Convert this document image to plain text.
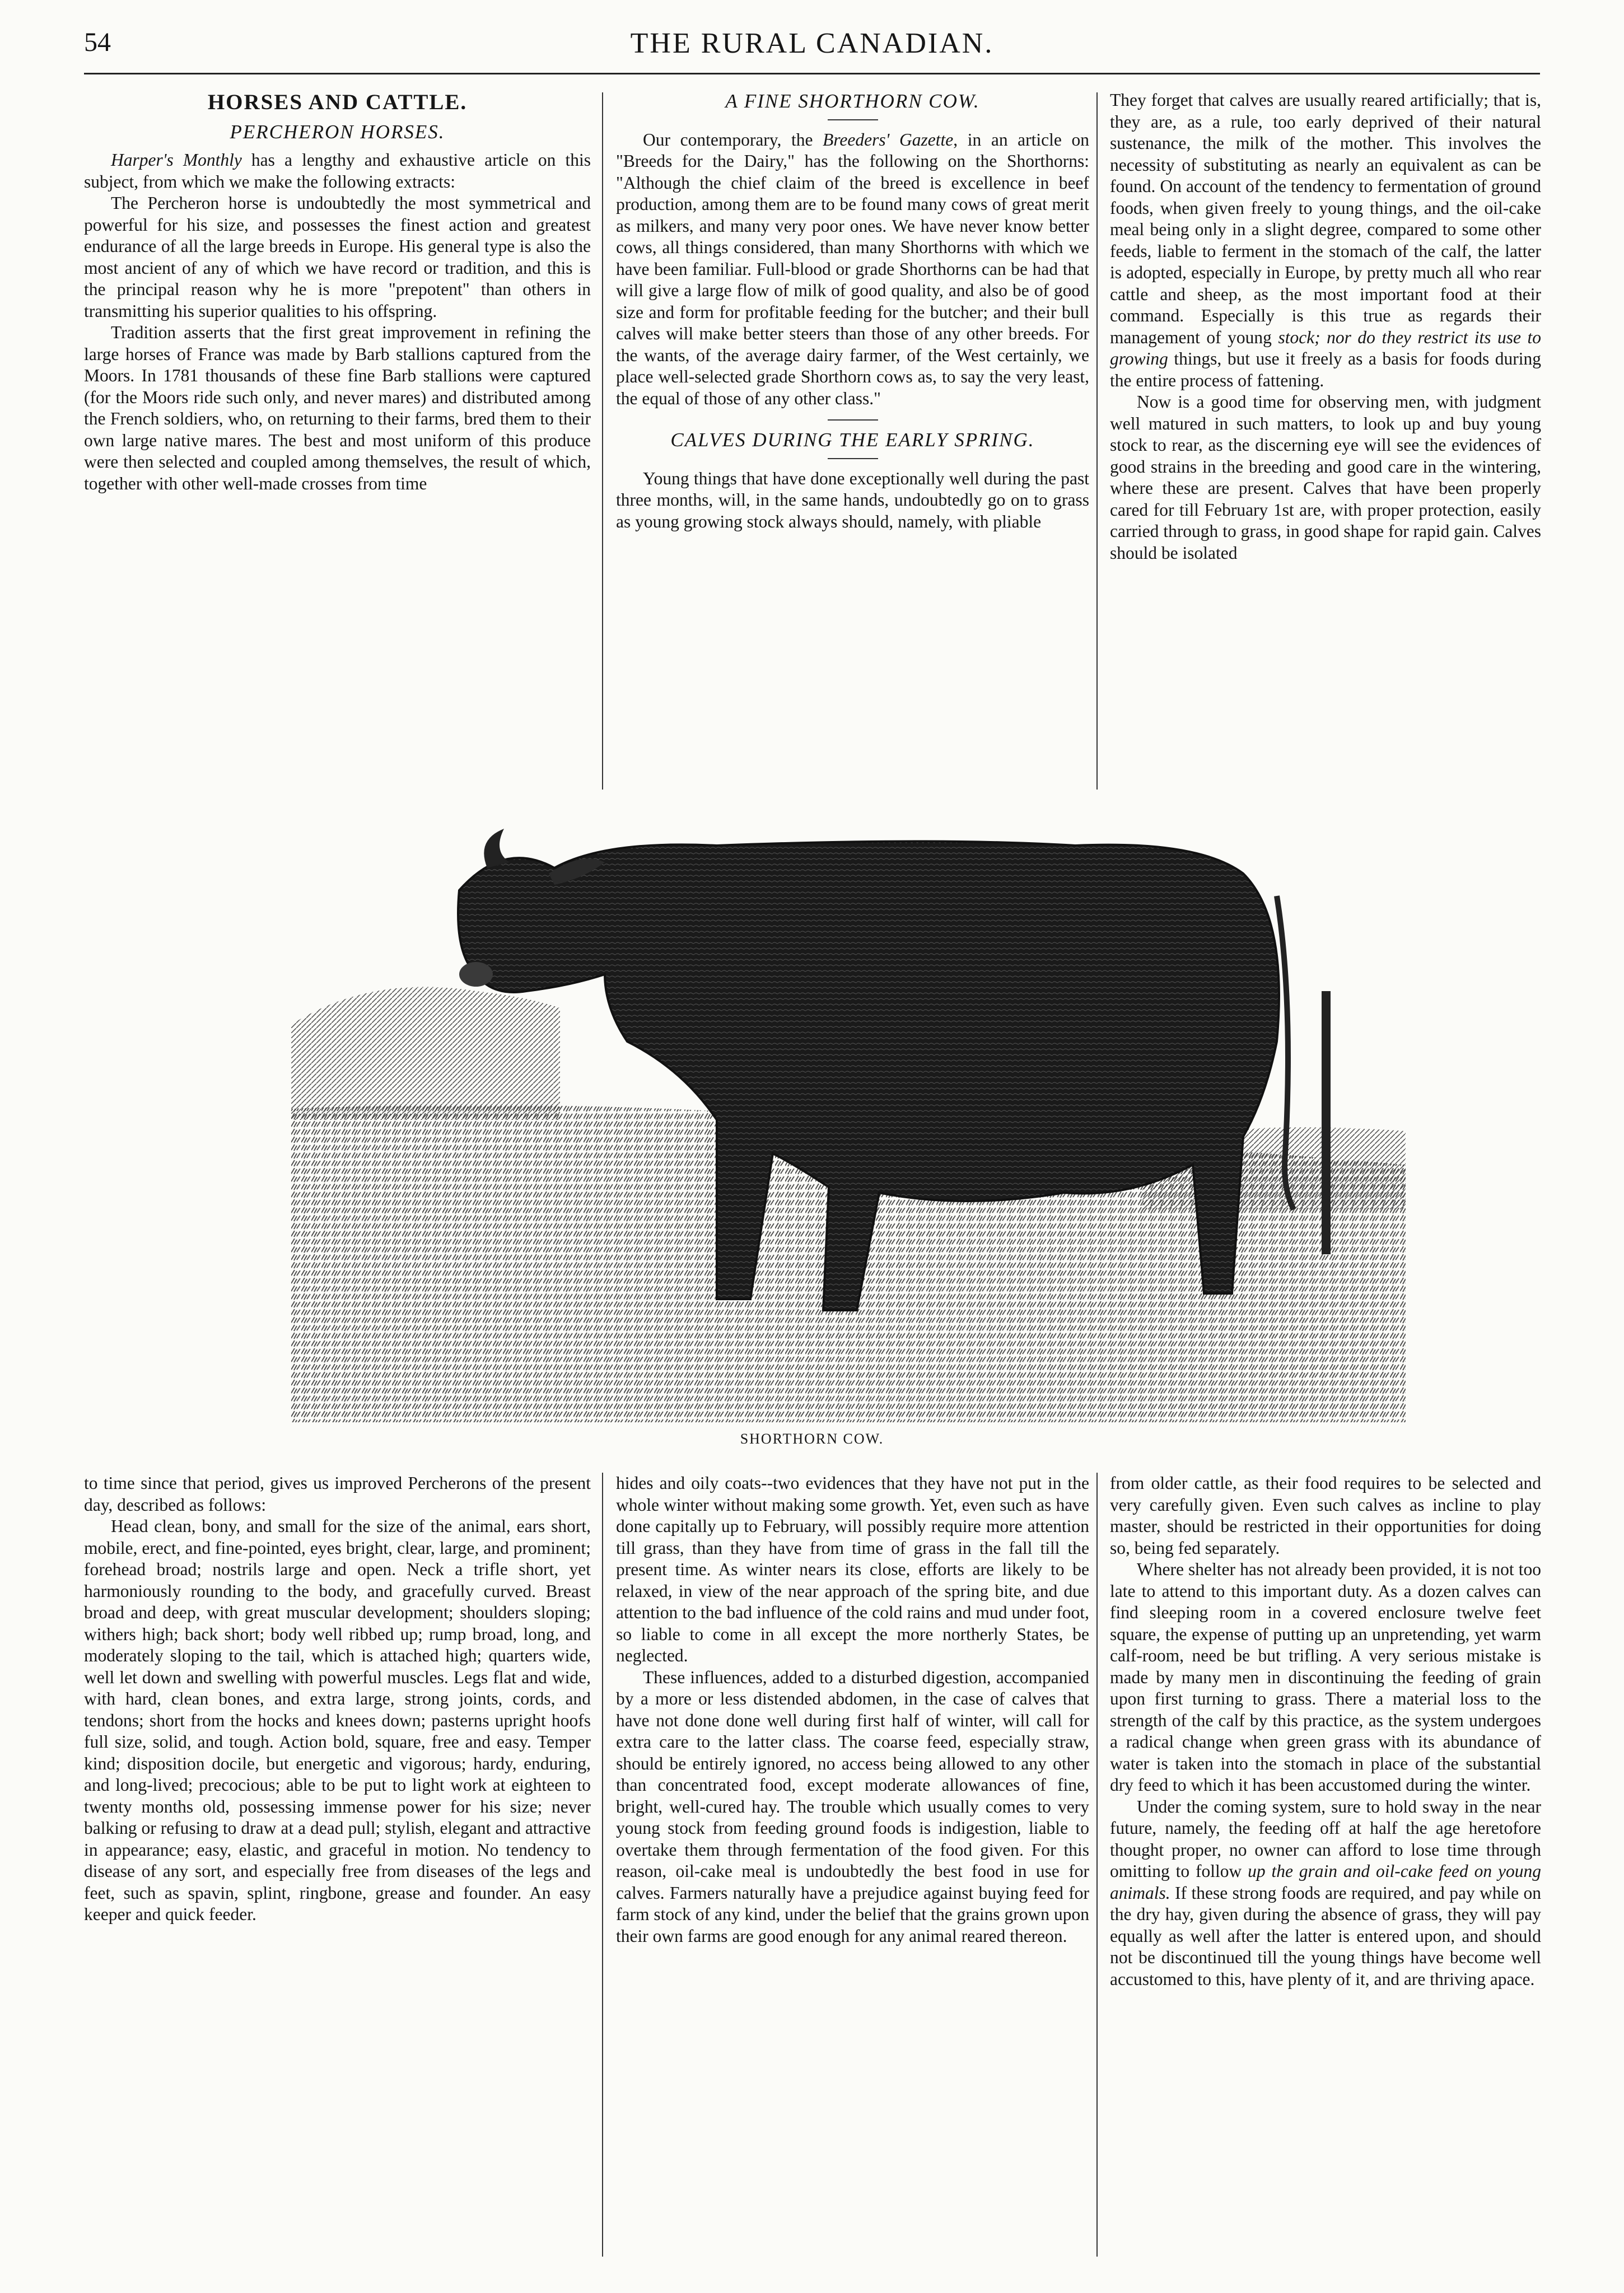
54	THE RURAL CANADIAN.
HORSES AND CATTLE.
PERCHERON HORSES.

Harper's Monthly has a lengthy and exhaustive article on this subject, from which we make the following extracts:

The Percheron horse is undoubtedly the most symmetrical and powerful for his size, and possesses the finest action and greatest endurance of all the large breeds in Europe. His general type is also the most ancient of any of which we have record or tradition, and this is the principal reason why he is more "prepotent" than others in transmitting his superior qualities to his offspring.

Tradition asserts that the first great improvement in refining the large horses of France was made by Barb stallions captured from the Moors. In 1781 thousands of these fine Barb stallions were captured (for the Moors ride such only, and never mares) and distributed among the French soldiers, who, on returning to their farms, bred them to their own large native mares. The best and most uniform of this produce were then selected and coupled among themselves, the result of which, together with other well-made crosses from time

A FINE SHORTHORN COW.

Our contemporary, the Breeders' Gazette, in an article on "Breeds for the Dairy," has the following on the Shorthorns: "Although the chief claim of the breed is excellence in beef production, among them are to be found many cows of great merit as milkers, and many very poor ones. We have never know better cows, all things considered, than many Shorthorns with which we have been familiar. Full-blood or grade Shorthorns can be had that will give a large flow of milk of good quality, and also be of good size and form for profitable feeding for the butcher; and their bull calves will make better steers than those of any other breeds. For the wants, of the average dairy farmer, of the West certainly, we place well-selected grade Shorthorn cows as, to say the very least, the equal of those of any other class."

CALVES DURING THE EARLY SPRING.

Young things that have done exceptionally well during the past three months, will, in the same hands, undoubtedly go on to grass as young growing stock always should, namely, with pliable

They forget that calves are usually reared artificially; that is, they are, as a rule, too early deprived of their natural sustenance, the milk of the mother. This involves the necessity of substituting as nearly an equivalent as can be found. On account of the tendency to fermentation of ground foods, when given freely to young things, and the oil-cake meal being only in a slight degree, compared to some other feeds, liable to ferment in the stomach of the calf, the latter is adopted, especially in Europe, by pretty much all who rear cattle and sheep, as the most important food at their command. Especially is this true as regards their management of young stock; nor do they restrict its use to growing things, but use it freely as a basis for foods during the entire process of fattening.

Now is a good time for observing men, with judgment well matured in such matters, to look up and buy young stock to rear, as the discerning eye will see the evidences of good strains in the breeding and good care in the wintering, where these are present. Calves that have been properly cared for till February 1st are, with proper protection, easily carried through to grass, in good shape for rapid gain. Calves should be isolated

SHORTHORN COW.

to time since that period, gives us improved Percherons of the present day, described as follows:

Head clean, bony, and small for the size of the animal, ears short, mobile, erect, and fine-pointed, eyes bright, clear, large, and prominent; forehead broad; nostrils large and open. Neck a trifle short, yet harmoniously rounding to the body, and gracefully curved. Breast broad and deep, with great muscular development; shoulders sloping; withers high; back short; body well ribbed up; rump broad, long, and moderately sloping to the tail, which is attached high; quarters wide, well let down and swelling with powerful muscles. Legs flat and wide, with hard, clean bones, and extra large, strong joints, cords, and tendons; short from the hocks and knees down; pasterns upright hoofs full size, solid, and tough. Action bold, square, free and easy. Temper kind; disposition docile, but energetic and vigorous; hardy, enduring, and long-lived; precocious; able to be put to light work at eighteen to twenty months old, possessing immense power for his size; never balking or refusing to draw at a dead pull; stylish, elegant and attractive in appearance; easy, elastic, and graceful in motion. No tendency to disease of any sort, and especially free from diseases of the legs and feet, such as spavin, splint, ringbone, grease and founder. An easy keeper and quick feeder.

hides and oily coats--two evidences that they have not put in the whole winter without making some growth. Yet, even such as have done capitally up to February, will possibly require more attention till grass, than they have from time of grass in the fall till the present time. As winter nears its close, efforts are likely to be relaxed, in view of the near approach of the spring bite, and due attention to the bad influence of the cold rains and mud under foot, so liable to come in all except the more northerly States, be neglected.

These influences, added to a disturbed digestion, accompanied by a more or less distended abdomen, in the case of calves that have not done done well during first half of winter, will call for extra care to the latter class. The coarse feed, especially straw, should be entirely ignored, no access being allowed to any other than concentrated food, except moderate allowances of fine, bright, well-cured hay. The trouble which usually comes to very young stock from feeding ground foods is indigestion, liable to overtake them through fermentation of the food given. For this reason, oil-cake meal is undoubtedly the best food in use for calves. Farmers naturally have a prejudice against buying feed for farm stock of any kind, under the belief that the grains grown upon their own farms are good enough for any animal reared thereon.

from older cattle, as their food requires to be selected and very carefully given. Even such calves as incline to play master, should be restricted in their opportunities for doing so, being fed separately.

Where shelter has not already been provided, it is not too late to attend to this important duty. As a dozen calves can find sleeping room in a covered enclosure twelve feet square, the expense of putting up an unpretending, yet warm calf-room, need be but trifling. A very serious mistake is made by many men in discontinuing the feeding of grain upon first turning to grass. There a material loss to the strength of the calf by this practice, as the system undergoes a radical change when green grass with its abundance of water is taken into the stomach in place of the substantial dry feed to which it has been accustomed during the winter.

Under the coming system, sure to hold sway in the near future, namely, the feeding off at half the age heretofore thought proper, no owner can afford to lose time through omitting to follow up the grain and oil-cake feed on young animals. If these strong foods are required, and pay while on the dry hay, given during the absence of grass, they will pay equally as well after the latter is entered upon, and should not be discontinued till the young things have become well accustomed to this, have plenty of it, and are thriving apace.
